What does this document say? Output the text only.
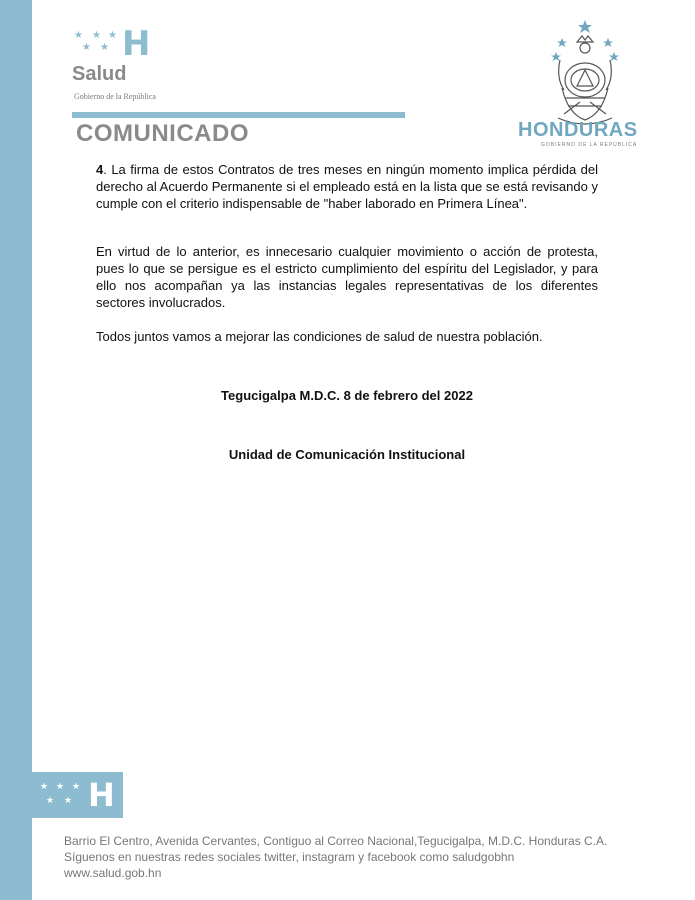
★ ★ ★
★ ★ H
Salud
Gobierno de la República
COMUNICADO	HONDURAS
GOBIERNO DE LA REPÚBLICA
4. La firma de estos Contratos de tres meses en ningún momento implica pérdida del derecho al Acuerdo Permanente si el empleado está en la lista que se está revisando y cumple con el criterio indispensable de "haber laborado en Primera Línea".
En virtud de lo anterior, es innecesario cualquier movimiento o acción de protesta, pues lo que se persigue es el estricto cumplimiento del espíritu del Legislador, y para ello nos acompañan ya las instancias legales representativas de los diferentes sectores involucrados.
Todos juntos vamos a mejorar las condiciones de salud de nuestra población.
Tegucigalpa M.D.C. 8 de febrero del 2022
Unidad de Comunicación Institucional
★ ★ ★
★ ★ H
Barrio El Centro, Avenida Cervantes, Contiguo al Correo Nacional,Tegucigalpa, M.D.C. Honduras C.A.
Síguenos en nuestras redes sociales twitter, instagram y facebook como saludgobhn
www.salud.gob.hn
